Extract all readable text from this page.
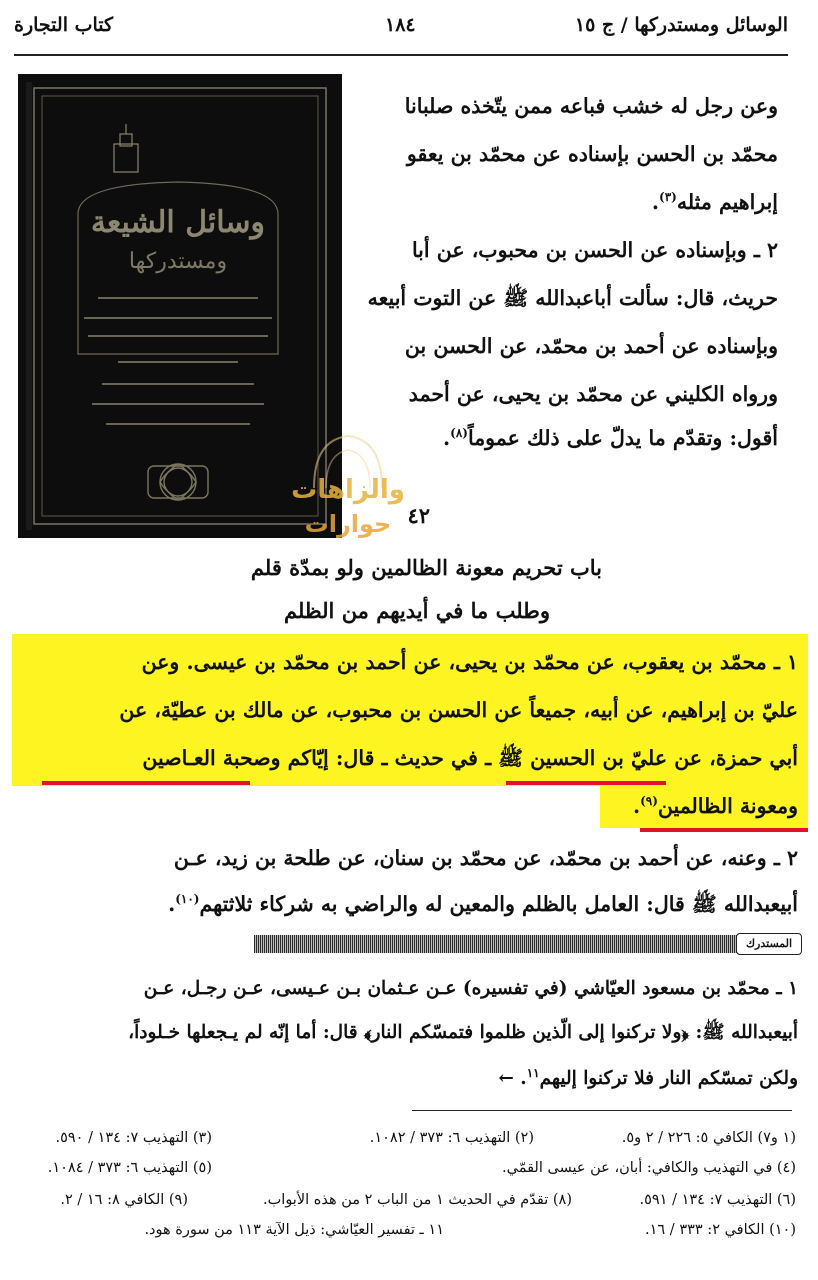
الوسائل ومستدركها / ج ١٥
١٨٤
كتاب التجارة
وعن رجل له خشب فباعه ممن يتّخذه صلبانا
محمّد بن الحسن بإسناده عن محمّد بن يعقو
إبراهيم مثله$^{(٣)}$.
٢ ـ وبإسناده عن الحسن بن محبوب، عن أبا
حريث، قال: سألت أباعبدالله ﷺ عن التوت أبيعه
وبإسناده عن أحمد بن محمّد، عن الحسن بن
ورواه الكليني عن محمّد بن يحيى، عن أحمد
أقول: وتقدّم ما يدلّ على ذلك عموماً$^{(٨)}$.
وسائل الشيعة
ومستدركها
والزاهات
حوارات ٤٢
باب تحريم معونة الظالمين ولو بمدّة قلم
وطلب ما في أيديهم من الظلم
١ ـ محمّد بن يعقوب، عن محمّد بن يحيى، عن أحمد بن محمّد بن عيسى. وعن
عليّ بن إبراهيم، عن أبيه، جميعاً عن الحسن بن محبوب، عن مالك بن عطيّة، عن
أبي حمزة، عن عليّ بن الحسين ﷺ ـ في حديث ـ قال: إيّاكم وصحبة العـاصين
ومعونة الظالمين$^{(٩)}$.
٢ ـ وعنه، عن أحمد بن محمّد، عن محمّد بن سنان، عن طلحة بن زيد، عـن
أبيعبدالله ﷺ قال: العامل بالظلم والمعين له والراضي به شركاء ثلاثتهم$^{(١٠)}$.
المستدرك
١ ـ محمّد بن مسعود العيّاشي (في تفسيره) عـن عـثمان بـن عـيسى، عـن رجـل، عـن
أبيعبدالله ﷺ: ﴿ولا تركنوا إلى الّذين ظلموا فتمسّكم النار﴾ قال: أما إنّه لم يـجعلها خـلوداً،
ولكن تمسّكم النار فلا تركنوا إليهم$^{١١}$. ←
(١ و٧) الكافي ٥: ٢٢٦ / ٢ و٥.
(٢) التهذيب ٦: ٣٧٣ / ١٠٨٢.
(٣) التهذيب ٧: ١٣٤ / ٥٩٠.
(٤) في التهذيب والكافي: أبان، عن عيسى القمّي.
(٥) التهذيب ٦: ٣٧٣ / ١٠٨٤.
(٦) التهذيب ٧: ١٣٤ / ٥٩١.
(٨) تقدّم في الحديث ١ من الباب ٢ من هذه الأبواب.
(٩) الكافي ٨: ١٦ / ٢.
(١٠) الكافي ٢: ٣٣٣ / ١٦.
١١ ـ تفسير العيّاشي: ذيل الآية ١١٣ من سورة هود.
